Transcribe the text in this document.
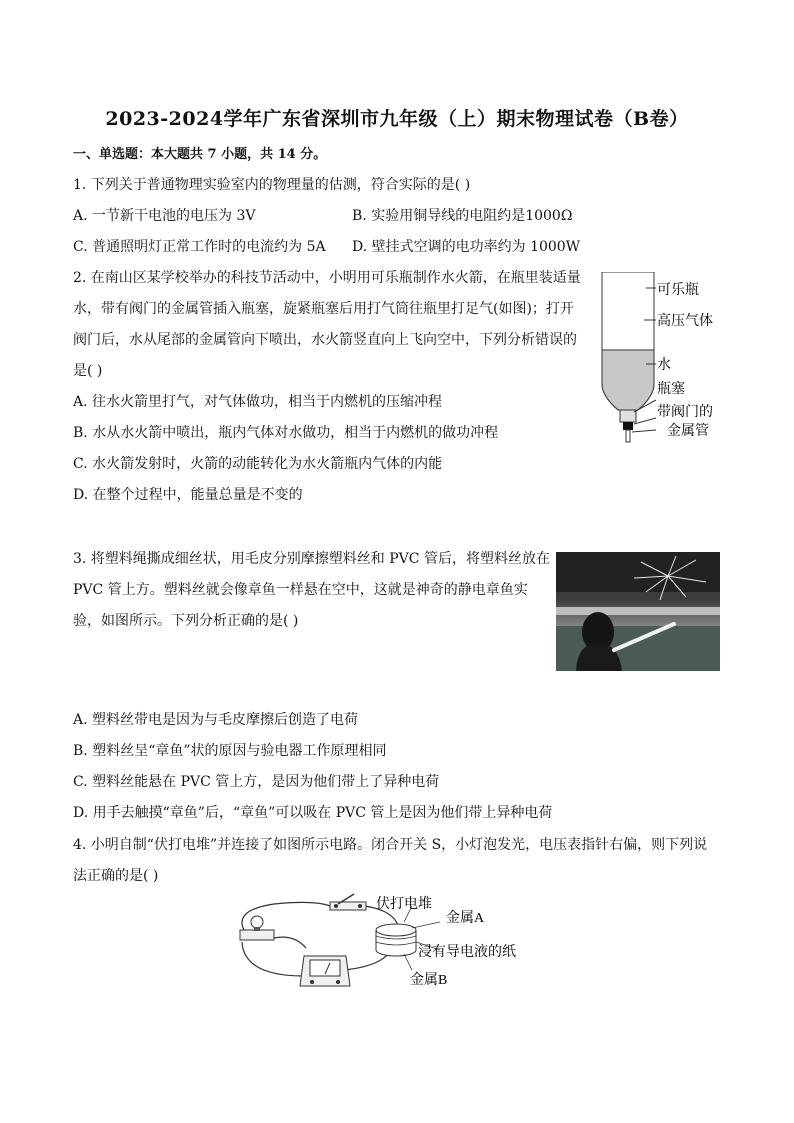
2023-2024学年广东省深圳市九年级（上）期末物理试卷（B卷）
一、单选题：本大题共 7 小题，共 14 分。
1. 下列关于普通物理实验室内的物理量的估测，符合实际的是( )
A. 一节新干电池的电压为 3V	B. 实验用铜导线的电阻约是1000Ω
C. 普通照明灯正常工作时的电流约为 5A D. 壁挂式空调的电功率约为 1000W
2. 在南山区某学校举办的科技节活动中，小明用可乐瓶制作水火箭，在瓶里装适量
水，带有阀门的金属管插入瓶塞，旋紧瓶塞后用打气筒往瓶里打足气(如图)；打开
阀门后，水从尾部的金属管向下喷出，水火箭竖直向上飞向空中，下列分析错误的
是( )
A. 往水火箭里打气，对气体做功，相当于内燃机的压缩冲程
B. 水从水火箭中喷出，瓶内气体对水做功，相当于内燃机的做功冲程
C. 水火箭发射时，火箭的动能转化为水火箭瓶内气体的内能
D. 在整个过程中，能量总量是不变的
可乐瓶
高压气体
水
瓶塞
带阀门的
金属管
3. 将塑料绳撕成细丝状，用毛皮分别摩擦塑料丝和 PVC 管后，将塑料丝放在
PVC 管上方。塑料丝就会像章鱼一样悬在空中，这就是神奇的静电章鱼实
验，如图所示。下列分析正确的是( )
A. 塑料丝带电是因为与毛皮摩擦后创造了电荷
B. 塑料丝呈“章鱼”状的原因与验电器工作原理相同
C. 塑料丝能悬在 PVC 管上方，是因为他们带上了异种电荷
D. 用手去触摸“章鱼”后，“章鱼”可以吸在 PVC 管上是因为他们带上异种电荷
4. 小明自制“伏打电堆”并连接了如图所示电路。闭合开关 S，小灯泡发光，电压表指针右偏，则下列说
法正确的是( )
伏打电堆
金属A
浸有导电液的纸
金属B
